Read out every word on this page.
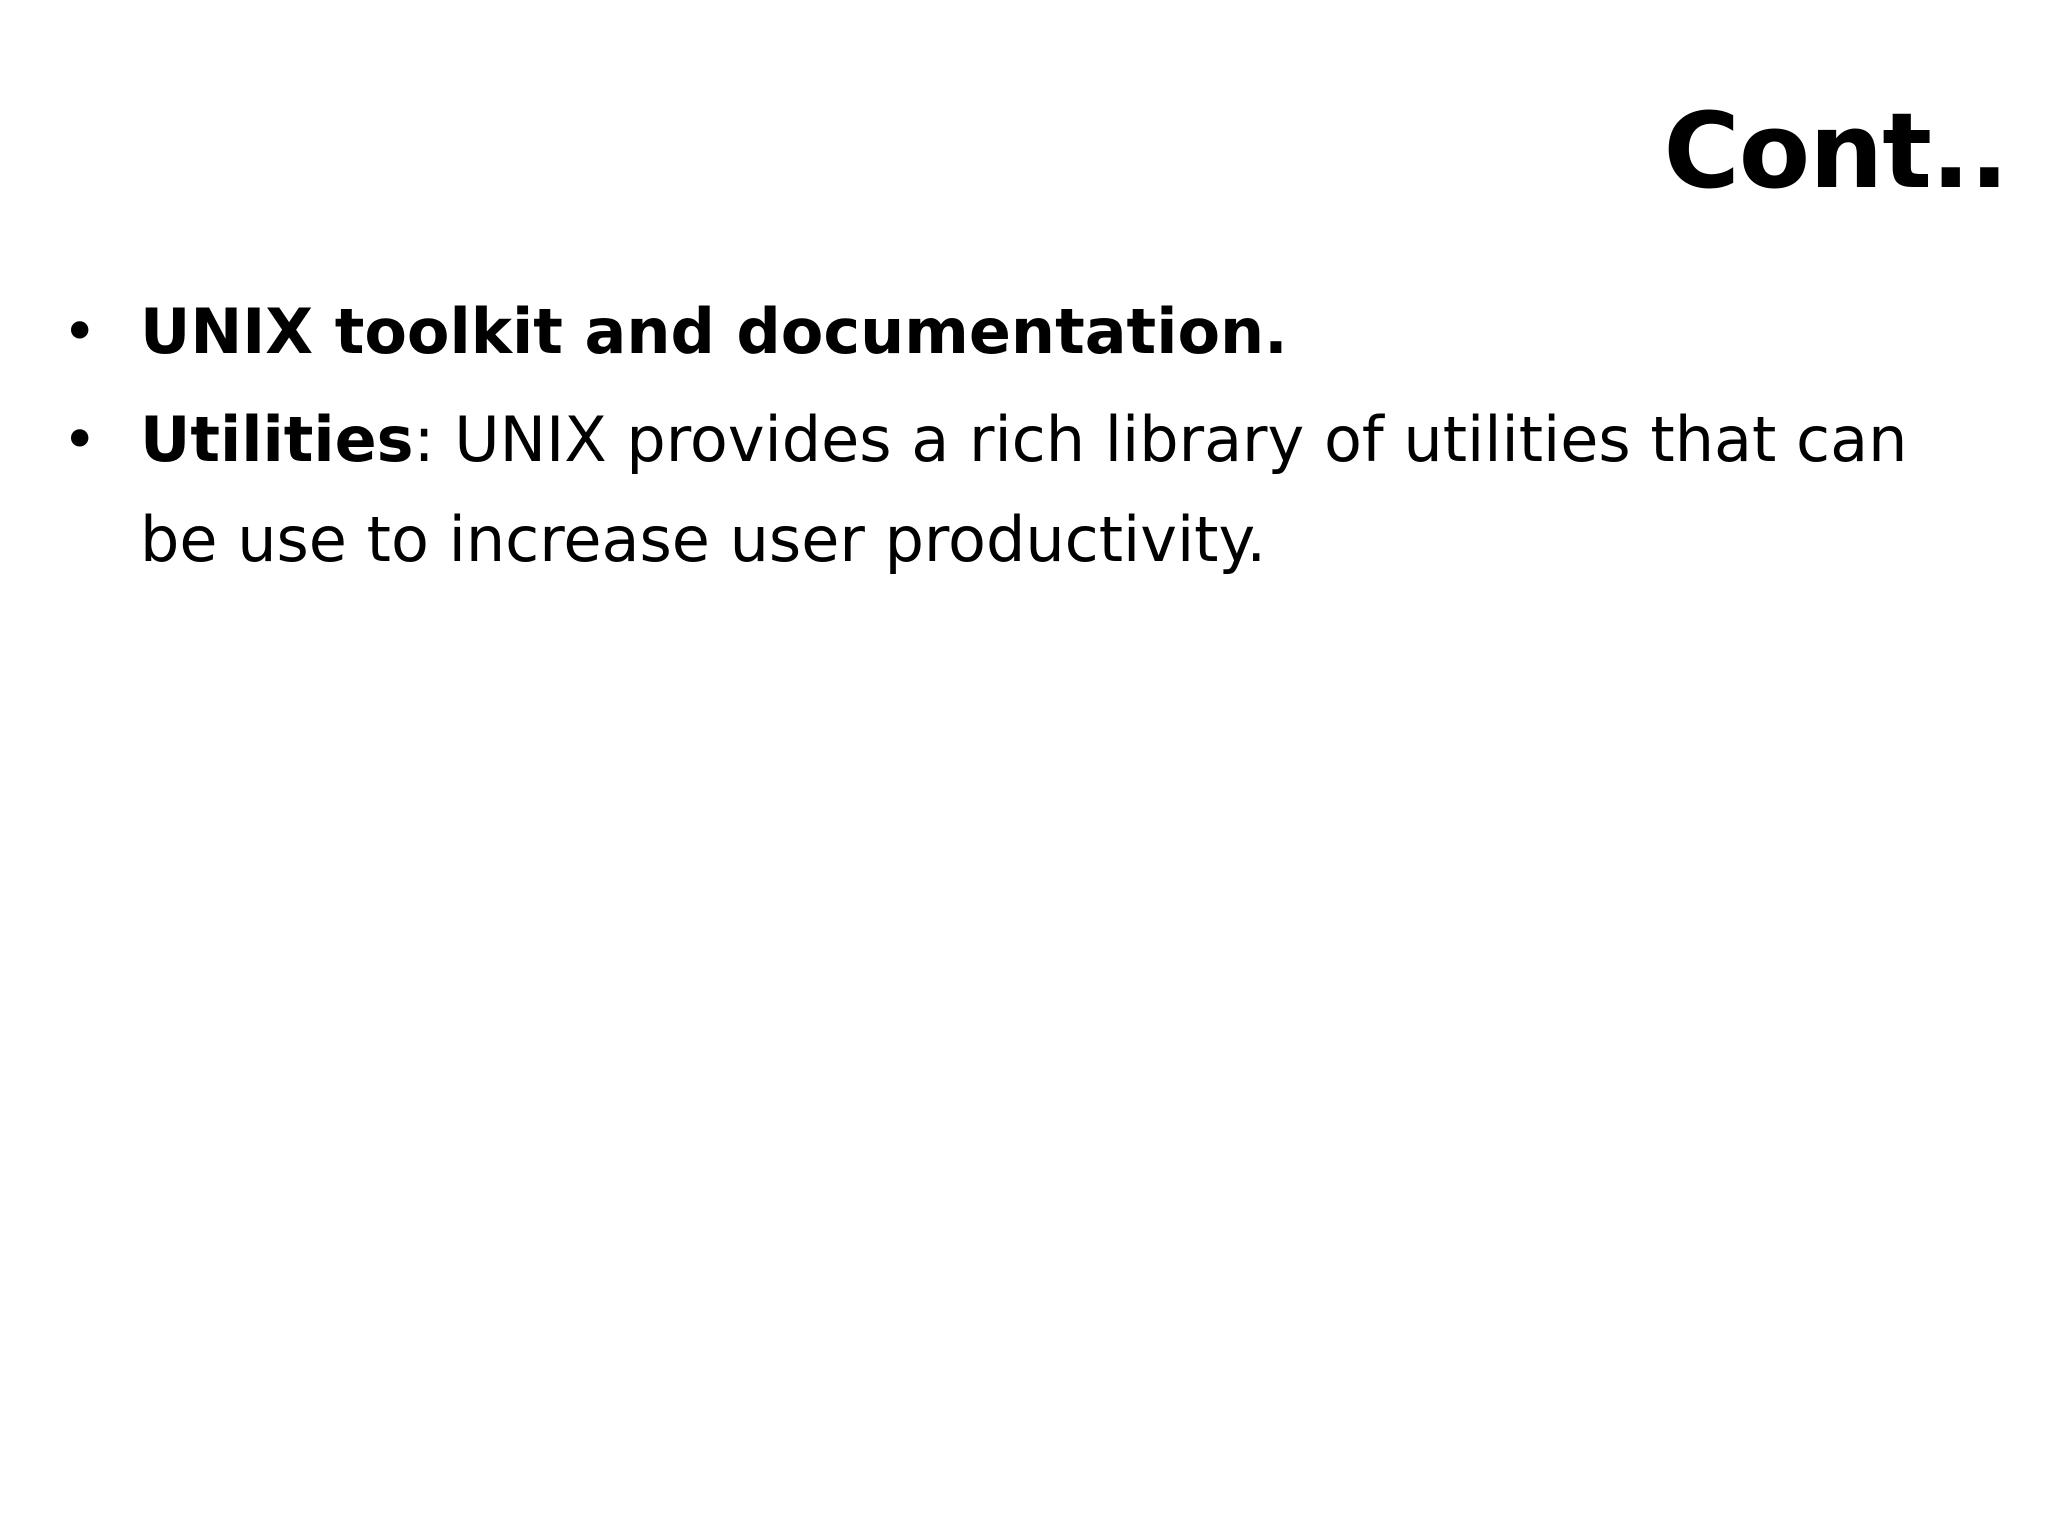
Cont..
• UNIX toolkit and documentation.
• Utilities: UNIX provides a rich library of utilities that can be use to increase user productivity.
